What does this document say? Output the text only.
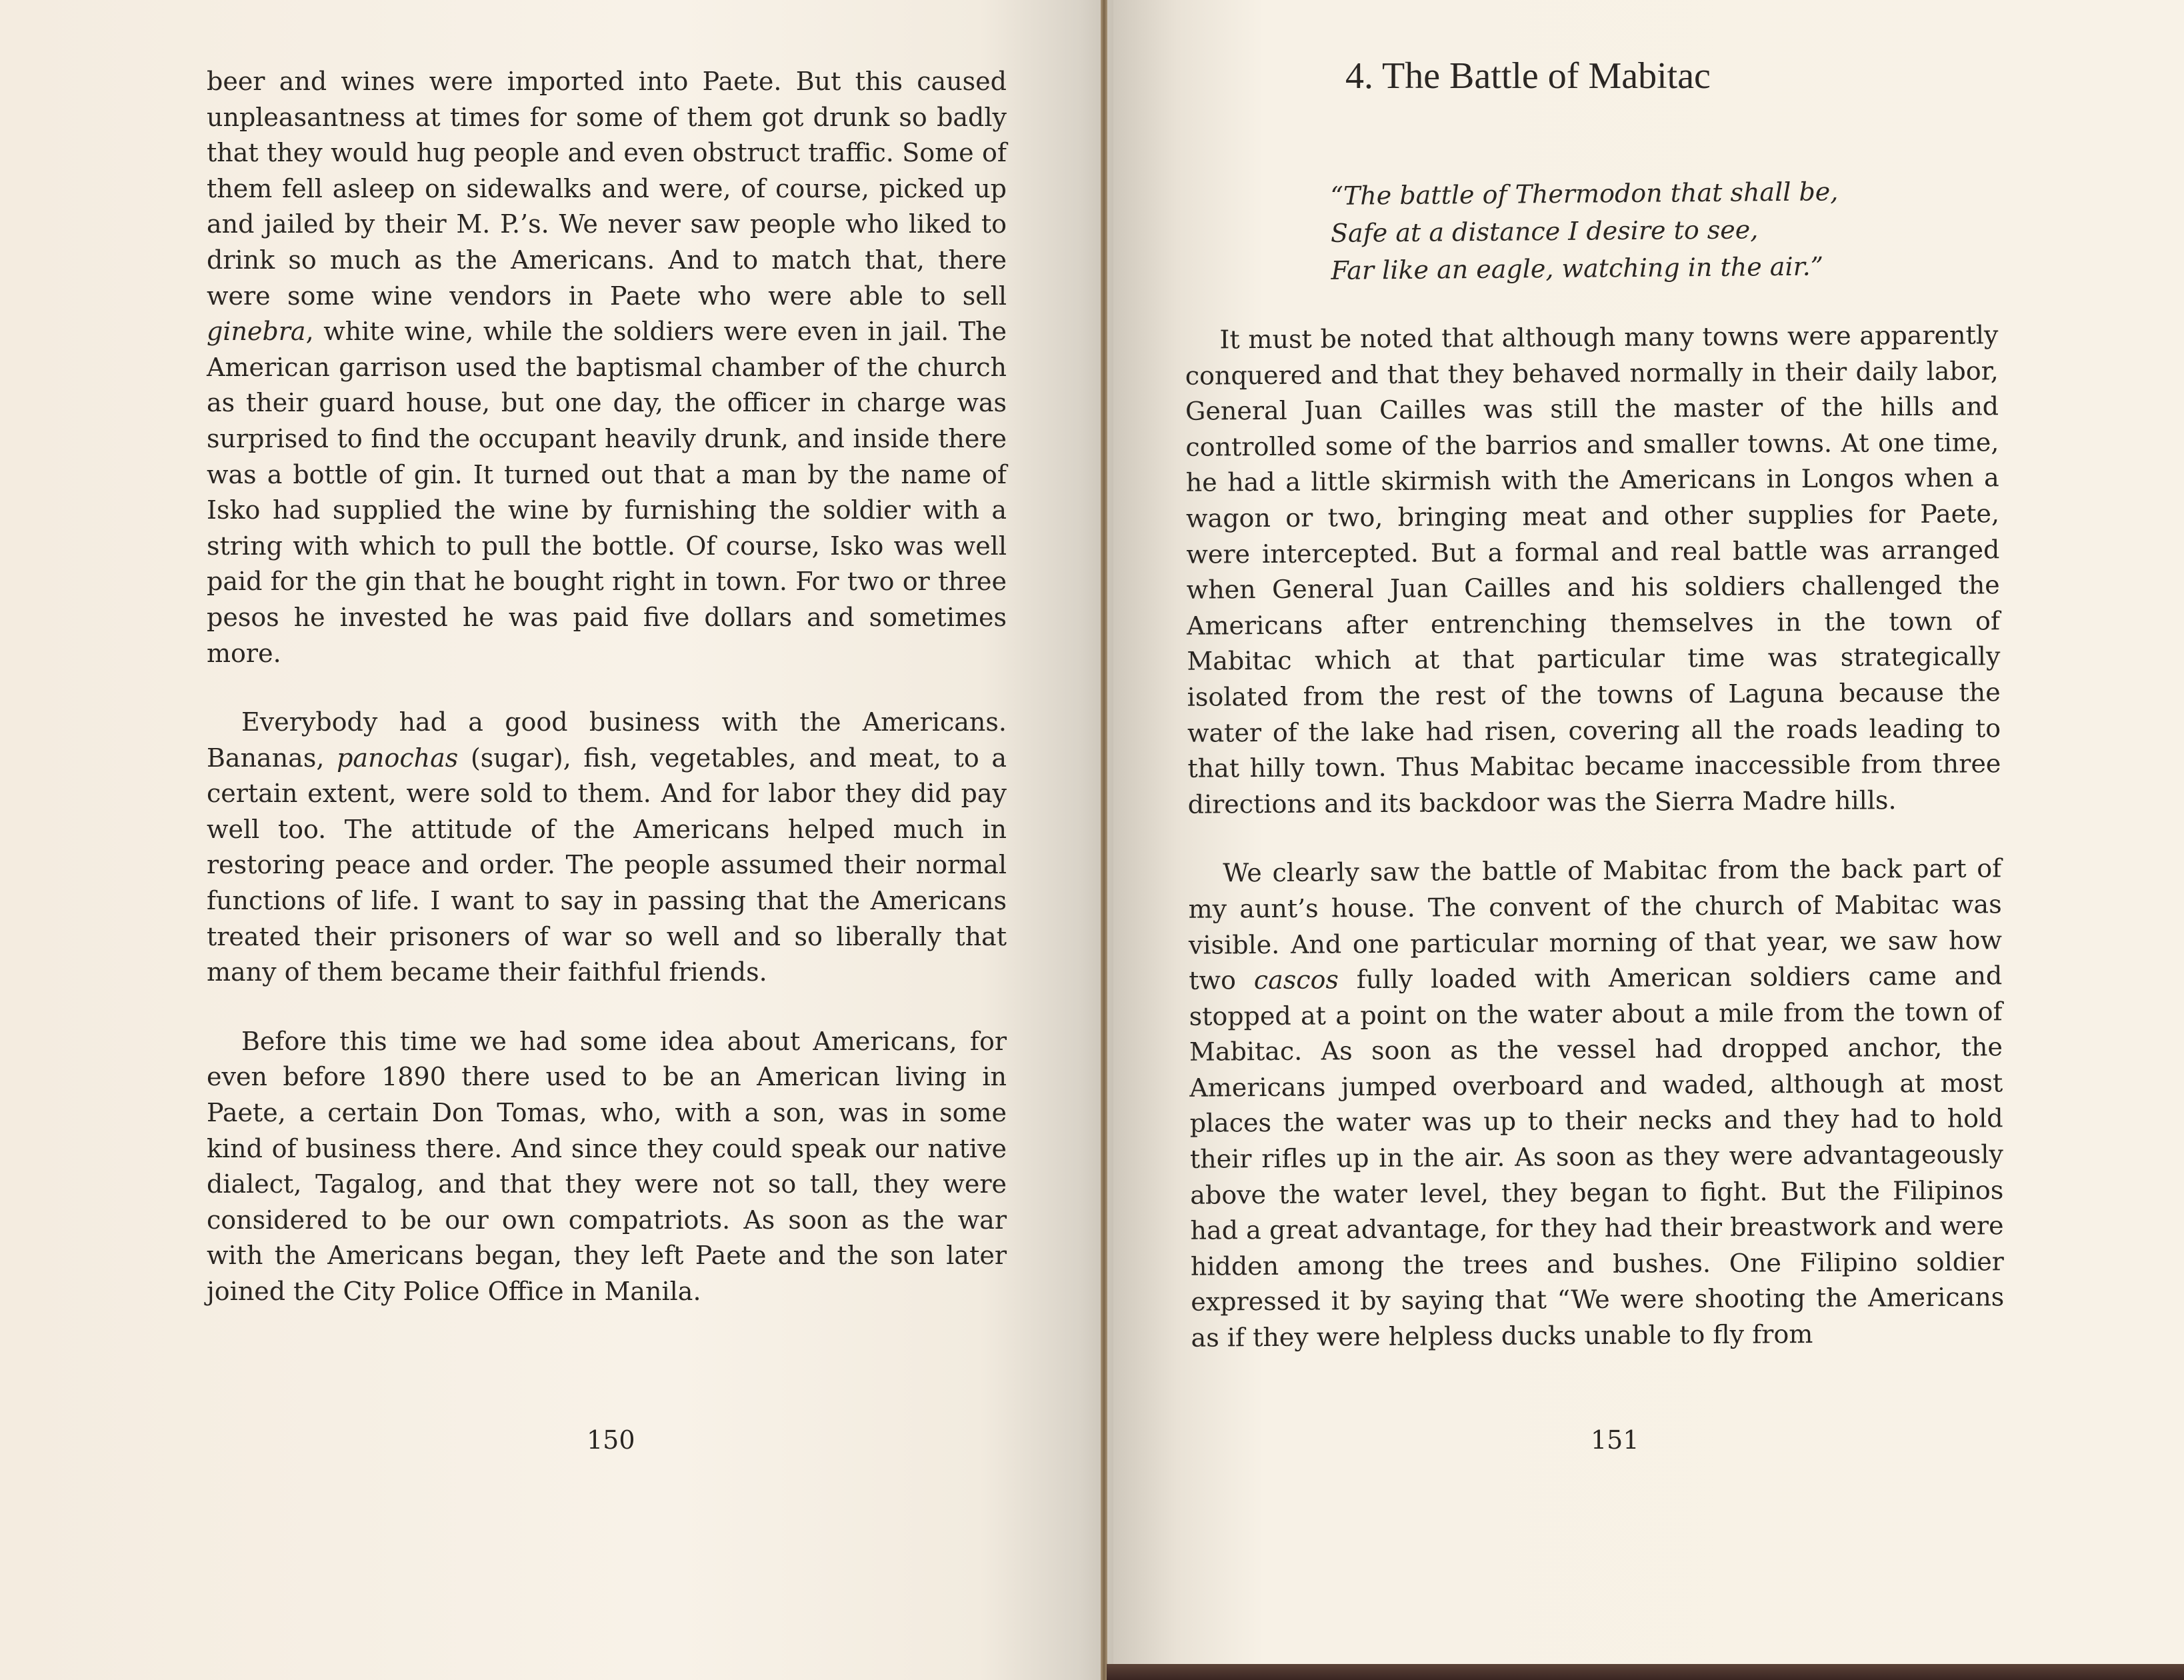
beer and wines were imported into Paete. But this caused unpleasantness at times for some of them got drunk so badly that they would hug people and even obstruct traffic. Some of them fell asleep on sidewalks and were, of course, picked up and jailed by their M. P.’s. We never saw people who liked to drink so much as the Americans. And to match that, there were some wine vendors in Paete who were able to sell ginebra, white wine, while the soldiers were even in jail. The American garrison used the baptismal chamber of the church as their guard house, but one day, the officer in charge was surprised to find the occupant heavily drunk, and inside there was a bottle of gin. It turned out that a man by the name of Isko had supplied the wine by furnishing the soldier with a string with which to pull the bottle. Of course, Isko was well paid for the gin that he bought right in town. For two or three pesos he invested he was paid five dollars and sometimes more.

Everybody had a good business with the Americans. Bananas, panochas (sugar), fish, vegetables, and meat, to a certain extent, were sold to them. And for labor they did pay well too. The attitude of the Americans helped much in restoring peace and order. The people assumed their normal functions of life. I want to say in passing that the Americans treated their prisoners of war so well and so liberally that many of them became their faithful friends.

Before this time we had some idea about Americans, for even before 1890 there used to be an American living in Paete, a certain Don Tomas, who, with a son, was in some kind of business there. And since they could speak our native dialect, Tagalog, and that they were not so tall, they were considered to be our own compatriots. As soon as the war with the Americans began, they left Paete and the son later joined the City Police Office in Manila.

150
4. The Battle of Mabitac
“The battle of Thermodon that shall be,
Safe at a distance I desire to see,
Far like an eagle, watching in the air.”

It must be noted that although many towns were apparently conquered and that they behaved normally in their daily labor, General Juan Cailles was still the master of the hills and controlled some of the barrios and smaller towns. At one time, he had a little skirmish with the Americans in Longos when a wagon or two, bringing meat and other supplies for Paete, were intercepted. But a formal and real battle was arranged when General Juan Cailles and his soldiers challenged the Americans after entrenching themselves in the town of Mabitac which at that particular time was strategically isolated from the rest of the towns of Laguna because the water of the lake had risen, covering all the roads leading to that hilly town. Thus Mabitac became inaccessible from three directions and its backdoor was the Sierra Madre hills.

We clearly saw the battle of Mabitac from the back part of my aunt’s house. The convent of the church of Mabitac was visible. And one particular morning of that year, we saw how two cascos fully loaded with American soldiers came and stopped at a point on the water about a mile from the town of Mabitac. As soon as the vessel had dropped anchor, the Americans jumped overboard and waded, although at most places the water was up to their necks and they had to hold their rifles up in the air. As soon as they were advantageously above the water level, they began to fight. But the Filipinos had a great advantage, for they had their breastwork and were hidden among the trees and bushes. One Filipino soldier expressed it by saying that “We were shooting the Americans as if they were helpless ducks unable to fly from

151
